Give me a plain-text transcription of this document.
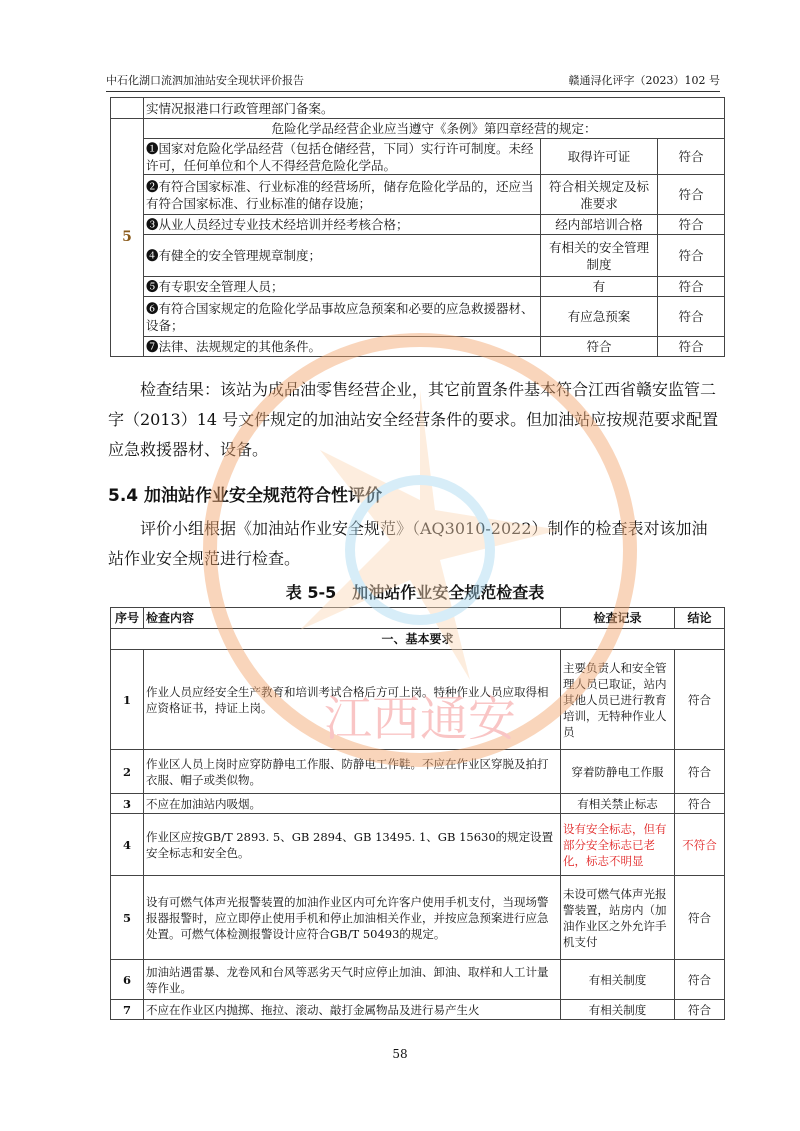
中石化湖口流泗加油站安全现状评价报告	赣通浔化评字（2023）102 号
	实情况报港口行政管理部门备案。		
5	危险化学品经营企业应当遵守《条例》第四章经营的规定：		
	❶国家对危险化学品经营（包括仓储经营，下同）实行许可制度。未经许可，任何单位和个人不得经营危险化学品。	取得许可证	符合
	❷有符合国家标准、行业标准的经营场所，储存危险化学品的，还应当有符合国家标准、行业标准的储存设施；	符合相关规定及标准要求	符合
	❸从业人员经过专业技术经培训并经考核合格；	经内部培训合格	符合
	❹有健全的安全管理规章制度；	有相关的安全管理制度	符合
	❺有专职安全管理人员；	有	符合
	❻有符合国家规定的危险化学品事故应急预案和必要的应急救援器材、设备；	有应急预案	符合
	❼法律、法规规定的其他条件。	符合	符合
检查结果：该站为成品油零售经营企业，其它前置条件基本符合江西省赣安监管二字（2013）14 号文件规定的加油站安全经营条件的要求。但加油站应按规范要求配置应急救援器材、设备。
5.4 加油站作业安全规范符合性评价
评价小组根据《加油站作业安全规范》（AQ3010-2022）制作的检查表对该加油站作业安全规范进行检查。
表 5-5　加油站作业安全规范检查表
序号	检查内容	检查记录	结论
一、基本要求			
1	作业人员应经安全生产教育和培训考试合格后方可上岗。特种作业人员应取得相应资格证书，持证上岗。	主要负责人和安全管理人员已取证，站内其他人员已进行教育培训，无特种作业人员	符合
2	作业区人员上岗时应穿防静电工作服、防静电工作鞋。不应在作业区穿脱及拍打衣服、帽子或类似物。	穿着防静电工作服	符合
3	不应在加油站内吸烟。	有相关禁止标志	符合
4	作业区应按GB/T 2893. 5、GB 2894、GB 13495. 1、GB 15630的规定设置安全标志和安全色。	设有安全标志，但有部分安全标志已老化，标志不明显	不符合
5	设有可燃气体声光报警装置的加油作业区内可允许客户使用手机支付，当现场警报器报警时，应立即停止使用手机和停止加油相关作业，并按应急预案进行应急处置。可燃气体检测报警设计应符合GB/T 50493的规定。	未设可燃气体声光报警装置，站房内（加油作业区之外允许手机支付	符合
6	加油站遇雷暴、龙卷风和台风等恶劣天气时应停止加油、卸油、取样和人工计量等作业。	有相关制度	符合
7	不应在作业区内抛掷、拖拉、滚动、敲打金属物品及进行易产生火	有相关制度	符合
江西通安
58
